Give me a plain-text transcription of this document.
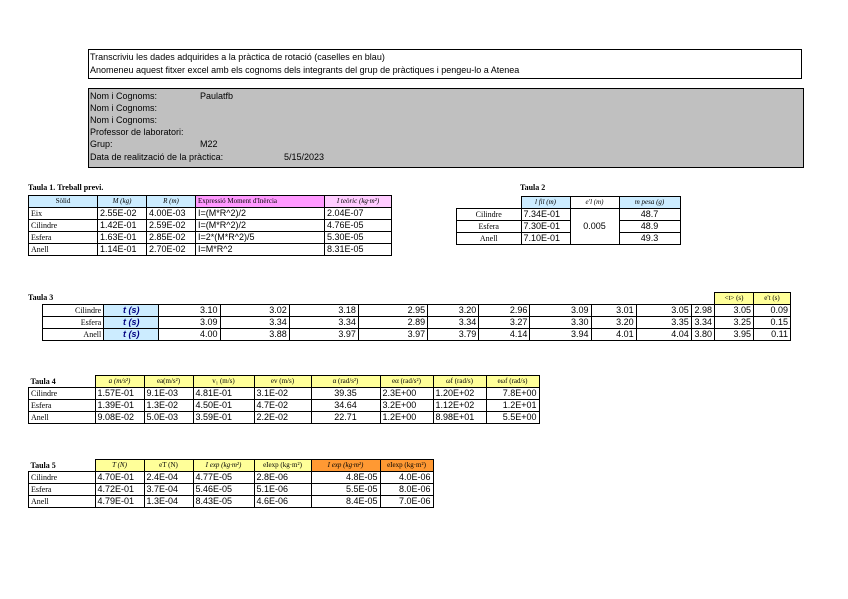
Transcriviu les dades adquirides a la pràctica de rotació (caselles en blau)
Anomeneu aquest fitxer excel amb els cognoms dels integrants del grup de pràctiques i pengeu-lo a Atenea
Nom i Cognoms:	Paulatfb
Nom i Cognoms:
Nom i Cognoms:
Professor de laboratori:
Grup:	M22
Data de realització de la pràctica:	5/15/2023
Taula 1. Treball previ.
Sòlid	M (kg)	R (m)	Expressió Moment d'Inèrcia	I teòric (kg·m²)
Eix	2.55E-02	4.00E-03	I=(M*R^2)/2	2.04E-07
Cilindre	1.42E-01	2.59E-02	I=(M*R^2)/2	4.76E-05
Esfera	1.63E-01	2.85E-02	I=2*(M*R^2)/5	5.30E-05
Anell	1.14E-01	2.70E-02	I=M*R^2	8.31E-05
Taula 2
	l fil (m)	e'l (m)	m pesa (g)
Cilindre	7.34E-01	0.005	48.7
Esfera	7.30E-01		48.9
Anell	7.10E-01		49.3
Taula 3
													<t> (s)	e't (s)
	Cilindre	t (s)	3.10	3.02	3.18	2.95	3.20	2.96	3.09	3.01	3.05	2.98	3.05	0.09
	Esfera	t (s)	3.09	3.34	3.34	2.89	3.34	3.27	3.30	3.20	3.35	3.34	3.25	0.15
	Anell	t (s)	4.00	3.88	3.97	3.97	3.79	4.14	3.94	4.01	4.04	3.80	3.95	0.11
Taula 4	a (m/s²)	ea(m/s²)	v₁ (m/s)	ev (m/s)	α (rad/s²)	eα (rad/s²)	ωf (rad/s)	eωf (rad/s)
Cilindre	1.57E-01	9.1E-03	4.81E-01	3.1E-02	39.35	2.3E+00	1.20E+02	7.8E+00
Esfera	1.39E-01	1.3E-02	4.50E-01	4.7E-02	34.64	3.2E+00	1.12E+02	1.2E+01
Anell	9.08E-02	5.0E-03	3.59E-01	2.2E-02	22.71	1.2E+00	8.98E+01	5.5E+00
Taula 5	T (N)	eT (N)	I exp (kg·m²)	eIexp (kg·m²)	I exp (kg·m²)	eIexp (kg·m²)
Cilindre	4.70E-01	2.4E-04	4.77E-05	2.8E-06	4.8E-05	4.0E-06
Esfera	4.72E-01	3.7E-04	5.46E-05	5.1E-06	5.5E-05	8.0E-06
Anell	4.79E-01	1.3E-04	8.43E-05	4.6E-06	8.4E-05	7.0E-06
